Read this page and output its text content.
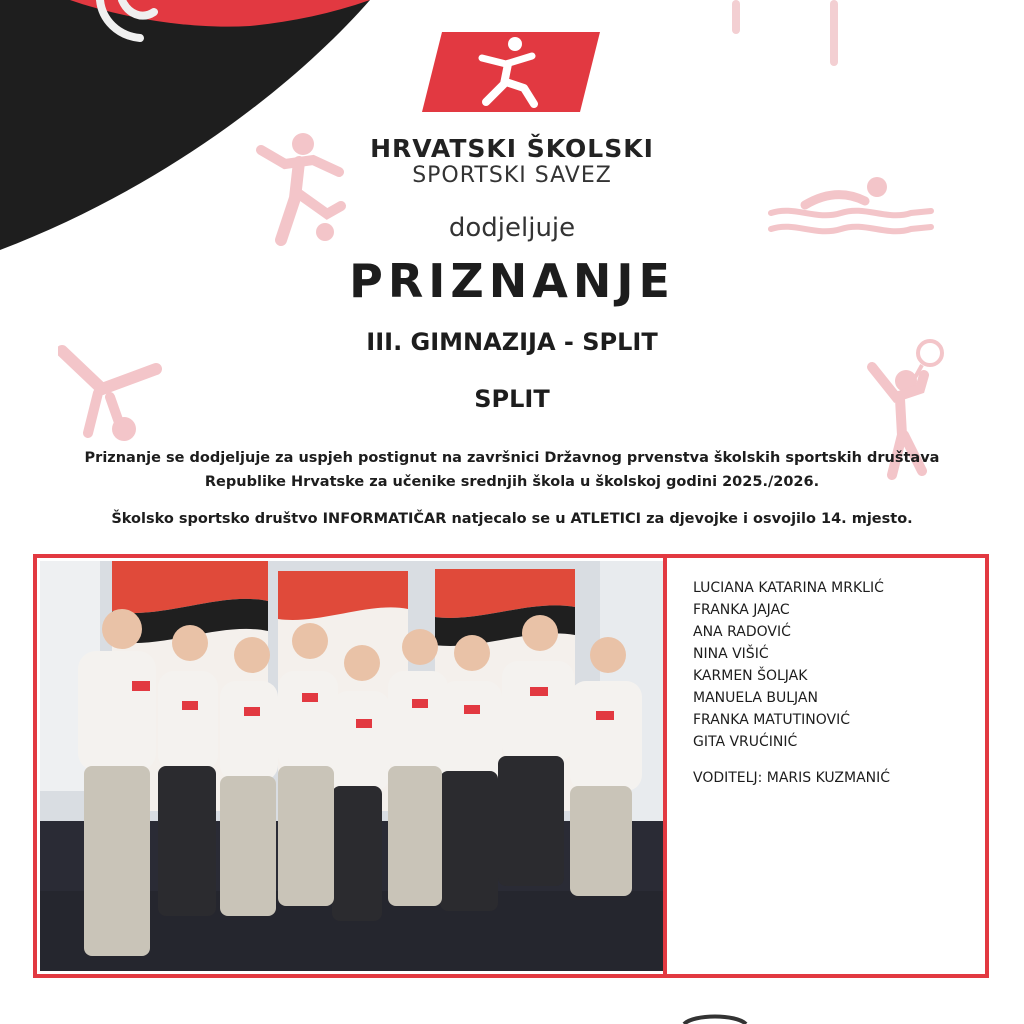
HRVATSKI ŠKOLSKI
SPORTSKI SAVEZ
dodjeljuje
PRIZNANJE
III. GIMNAZIJA - SPLIT
SPLIT
Priznanje se dodjeljuje za uspjeh postignut na završnici Državnog prvenstva školskih sportskih društava
Republike Hrvatske za učenike srednjih škola u školskoj godini 2025./2026.
Školsko sportsko društvo INFORMATIČAR natjecalo se u ATLETICI za djevojke i osvojilo 14. mjesto.
LUCIANA KATARINA MRKLIĆ
FRANKA JAJAC
ANA RADOVIĆ
NINA VIŠIĆ
KARMEN ŠOLJAK
MANUELA BULJAN
FRANKA MATUTINOVIĆ
GITA VRUĆINIĆ
VODITELJ: MARIS KUZMANIĆ
